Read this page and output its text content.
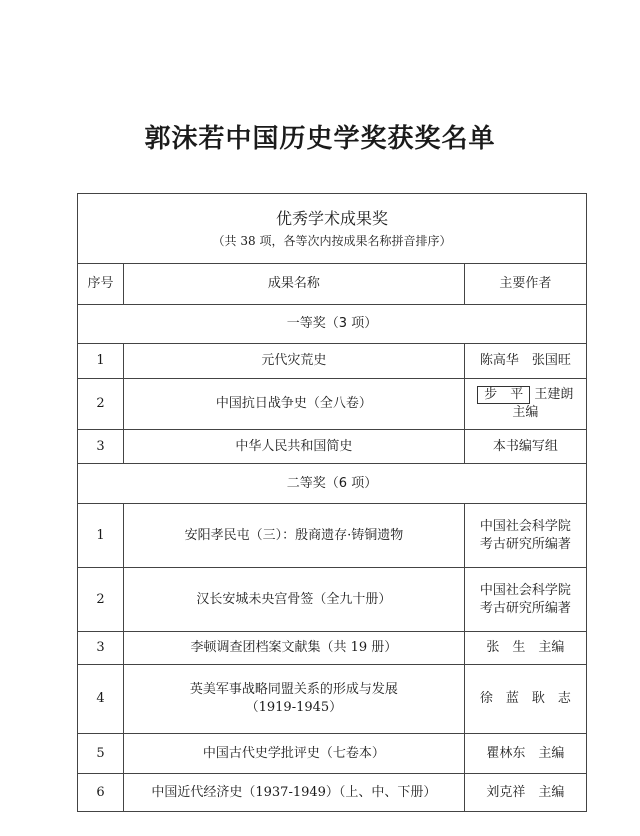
郭沫若中国历史学奖获奖名单
优秀学术成果奖
（共 38 项，各等次内按成果名称拼音排序）		

序号	成果名称	主要作者
一等奖（3 项）		
1	元代灾荒史	陈高华　张国旺
2	中国抗日战争史（全八卷）	步　平 王建朗
主编

3	中华人民共和国简史	本书编写组
二等奖（6 项）		
1	安阳孝民屯（三）：殷商遗存·铸铜遗物	中国社会科学院
考古研究所编著

2	汉长安城未央宫骨签（全九十册）	中国社会科学院
考古研究所编著

3	李顿调查团档案文献集（共 19 册）	张　生　主编
4	英美军事战略同盟关系的形成与发展
（1919-1945）	徐　蓝　耿　志
5	中国古代史学批评史（七卷本）	瞿林东　主编
6	中国近代经济史（1937-1949）（上、中、下册）	刘克祥　主编
